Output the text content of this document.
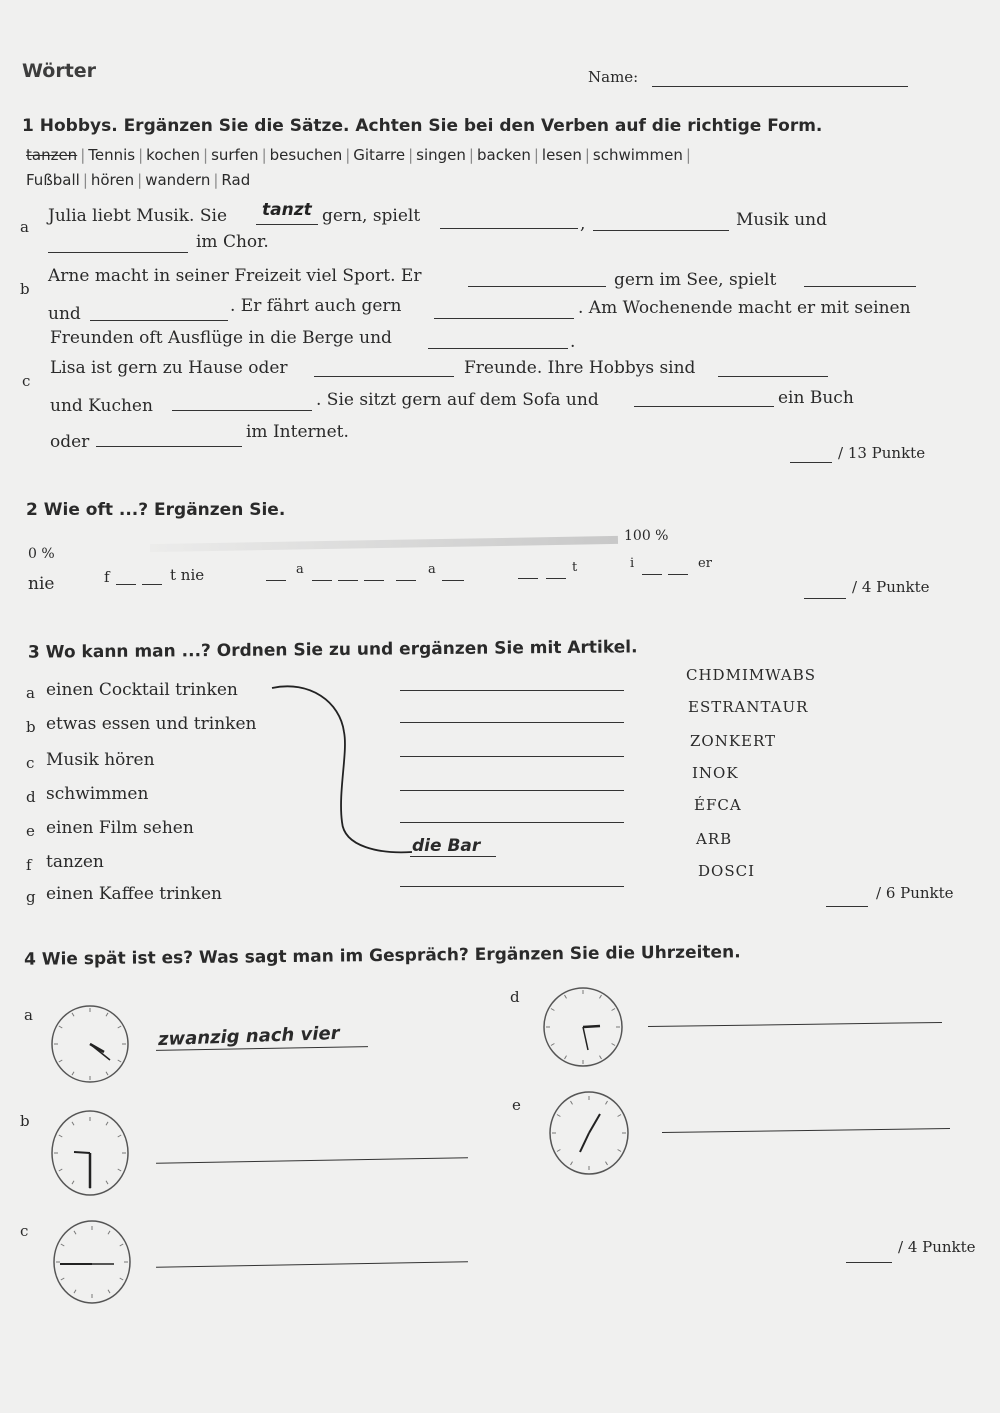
Wörter	Name:
1 Hobbys. Ergänzen Sie die Sätze. Achten Sie bei den Verben auf die richtige Form.
tanzen | Tennis | kochen | surfen | besuchen | Gitarre | singen | backen | lesen | schwimmen |
Fußball | hören | wandern | Rad
a
Julia liebt Musik. Sie tanzt gern, spielt	,	Musik und
im Chor.
b
Arne macht in seiner Freizeit viel Sport. Er	gern im See, spielt
und	. Er fährt auch gern	. Am Wochenende macht er mit seinen
Freunden oft Ausflüge in die Berge und	.
c
Lisa ist gern zu Hause oder	Freunde. Ihre Hobbys sind
und Kuchen	. Sie sitzt gern auf dem Sofa und	ein Buch
oder	im Internet.
/ 13 Punkte
2 Wie oft ...? Ergänzen Sie.
0 %
100 %
nie	f	t nie	a	a	t	i	er
/ 4 Punkte
3 Wo kann man ...? Ordnen Sie zu und ergänzen Sie mit Artikel.
a einen Cocktail trinken
b etwas essen und trinken
c Musik hören
d schwimmen
e einen Film sehen
f tanzen
g einen Kaffee trinken
CHDMIMWABS
ESTRANTAUR
ZONKERT
INOK
ÉFCA
ARB
DOSCI
die Bar
/ 6 Punkte
4 Wie spät ist es? Was sagt man im Gespräch? Ergänzen Sie die Uhrzeiten.
a
b
c
d
e
zwanzig nach vier
/ 4 Punkte
